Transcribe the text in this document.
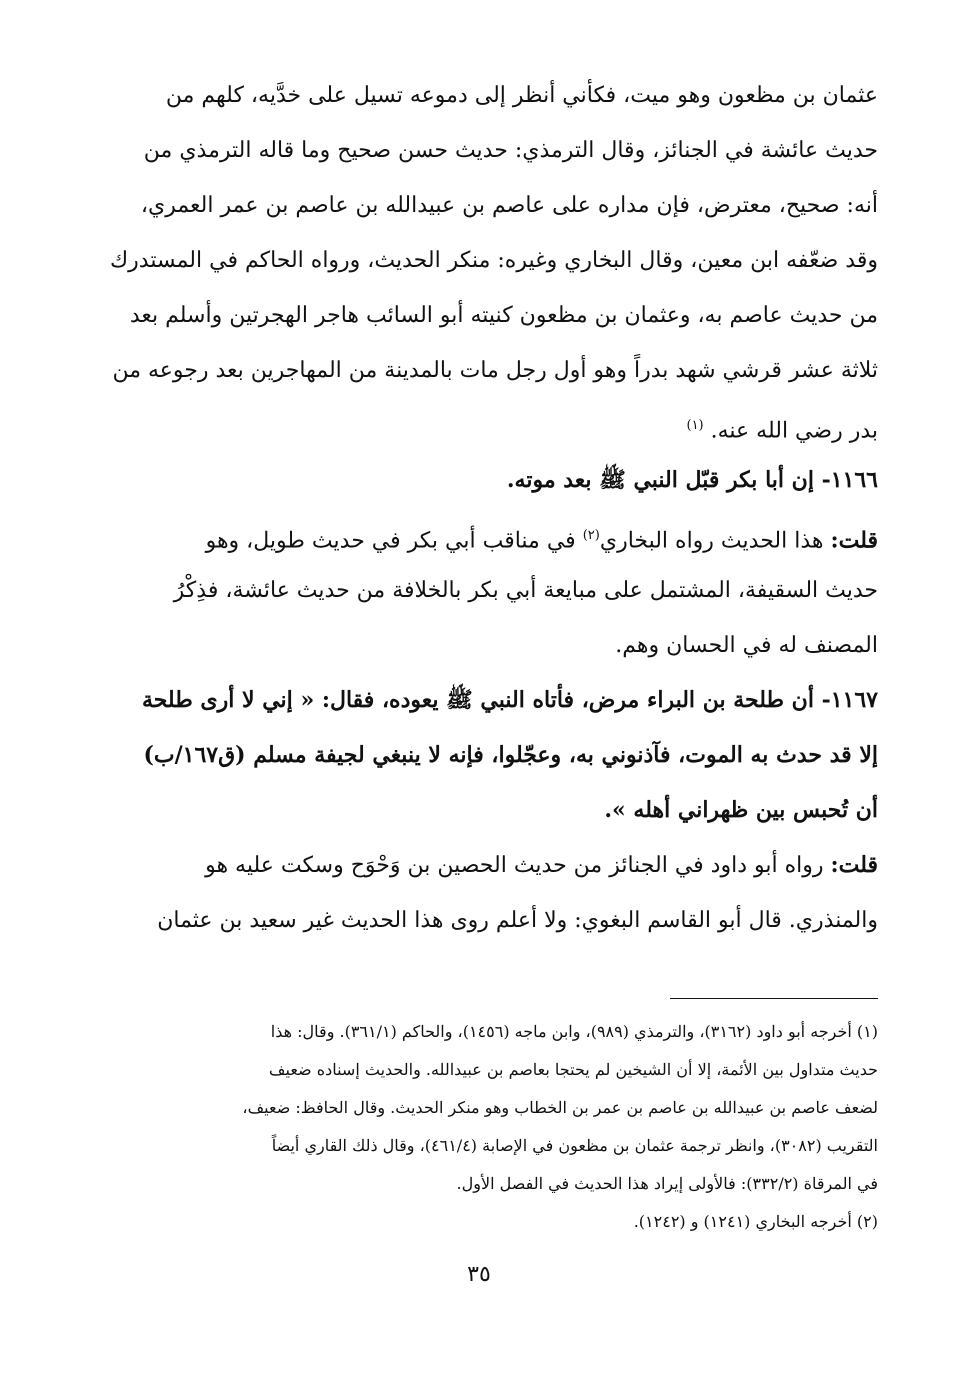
عثمان بن مظعون وهو ميت، فكأني أنظر إلى دموعه تسيل على خدَّيه، كلهم من
حديث عائشة في الجنائز، وقال الترمذي: حديث حسن صحيح وما قاله الترمذي من
أنه: صحيح، معترض، فإن مداره على عاصم بن عبيدالله بن عاصم بن عمر العمري،
وقد ضعّفه ابن معين، وقال البخاري وغيره: منكر الحديث، ورواه الحاكم في المستدرك
من حديث عاصم به، وعثمان بن مظعون كنيته أبو السائب هاجر الهجرتين وأسلم بعد
ثلاثة عشر قرشي شهد بدراً وهو أول رجل مات بالمدينة من المهاجرين بعد رجوعه من
بدر رضي الله عنه. $^{(١)}$
١١٦٦- إن أبا بكر قبّل النبي ﷺ بعد موته.
قلت: هذا الحديث رواه البخاري$^{(٢)}$ في مناقب أبي بكر في حديث طويل، وهو
حديث السقيفة، المشتمل على مبايعة أبي بكر بالخلافة من حديث عائشة، فذِكْرُ
المصنف له في الحسان وهم.
١١٦٧- أن طلحة بن البراء مرض، فأتاه النبي ﷺ يعوده، فقال: « إني لا أرى طلحة
إلا قد حدث به الموت، فآذنوني به، وعجّلوا، فإنه لا ينبغي لجيفة مسلم (ق١٦٧/ب)
أن تُحبس بين ظهراني أهله ».
قلت: رواه أبو داود في الجنائز من حديث الحصين بن وَحْوَح وسكت عليه هو
والمنذري. قال أبو القاسم البغوي: ولا أعلم روى هذا الحديث غير سعيد بن عثمان
(١) أخرجه أبو داود (٣١٦٢)، والترمذي (٩٨٩)، وابن ماجه (١٤٥٦)، والحاكم (٣٦١/١). وقال: هذا
حديث متداول بين الأئمة، إلا أن الشيخين لم يحتجا بعاصم بن عبيدالله. والحديث إسناده ضعيف
لضعف عاصم بن عبيدالله بن عاصم بن عمر بن الخطاب وهو منكر الحديث. وقال الحافظ: ضعيف،
التقريب (٣٠٨٢)، وانظر ترجمة عثمان بن مظعون في الإصابة (٤٦١/٤)، وقال ذلك القاري أيضاً
في المرقاة (٣٣٢/٢): فالأولى إيراد هذا الحديث في الفصل الأول.
(٢) أخرجه البخاري (١٢٤١) و (١٢٤٢).
٣٥
